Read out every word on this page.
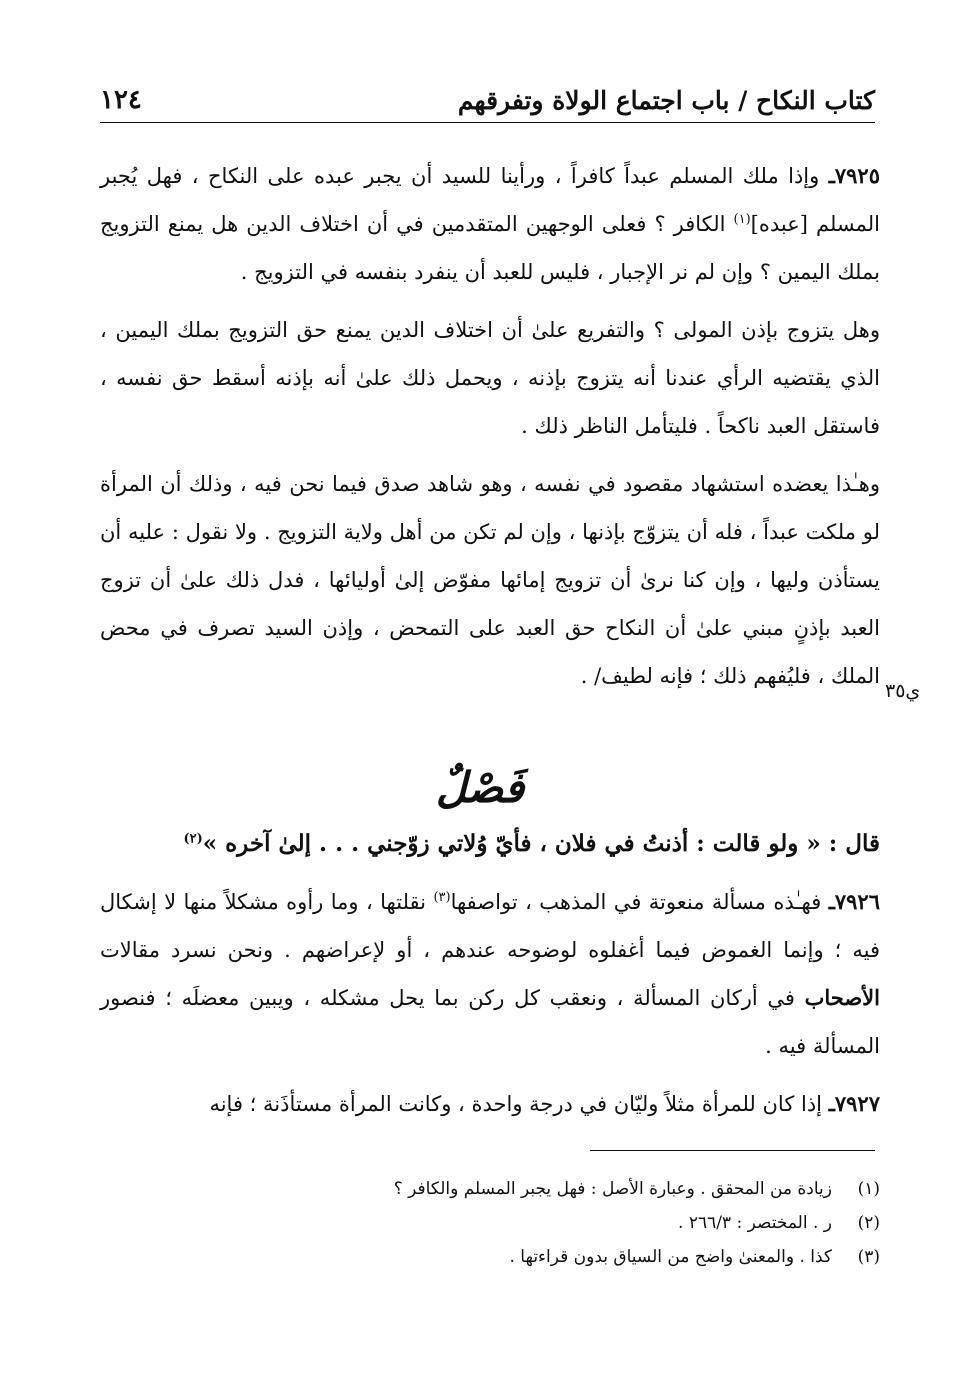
كتاب النكاح / باب اجتماع الولاة وتفرقهم
١٢٤

٧٩٢٥ـ وإذا ملك المسلم عبداً كافراً ، ورأينا للسيد أن يجبر عبده على النكاح ، فهل يُجبر المسلم [عبده]$^{(١)}$ الكافر ؟ فعلى الوجهين المتقدمين في أن اختلاف الدين هل يمنع التزويج بملك اليمين ؟ وإن لم نر الإجبار ، فليس للعبد أن ينفرد بنفسه في التزويج .

وهل يتزوج بإذن المولى ؟ والتفريع علىٰ أن اختلاف الدين يمنع حق التزويج بملك اليمين ، الذي يقتضيه الرأي عندنا أنه يتزوج بإذنه ، ويحمل ذلك علىٰ أنه بإذنه أسقط حق نفسه ، فاستقل العبد ناكحاً . فليتأمل الناظر ذلك .

وهـٰذا يعضده استشهاد مقصود في نفسه ، وهو شاهد صدق فيما نحن فيه ، وذلك أن المرأة لو ملكت عبداً ، فله أن يتزوّج بإذنها ، وإن لم تكن من أهل ولاية التزويج . ولا نقول : عليه أن يستأذن وليها ، وإن كنا نرىٰ أن تزويج إمائها مفوّض إلىٰ أوليائها ، فدل ذلك علىٰ أن تزوج العبد بإذنٍ مبني علىٰ أن النكاح حق العبد على التمحض ، وإذن السيد تصرف في محض الملك ، فليُفهم ذلك ؛ فإنه لطيف/ .

ي٣٥
فَصْلٌ
قال : « ولو قالت : أذنتُ في فلان ، فأيّ وُلاتي زوّجني . . . إلىٰ آخره »$^{(٢)}$

٧٩٢٦ـ فهـٰذه مسألة منعوتة في المذهب ، تواصفها$^{(٣)}$ نقلتها ، وما رأوه مشكلاً منها لا إشكال فيه ؛ وإنما الغموض فيما أغفلوه لوضوحه عندهم ، أو لإعراضهم . ونحن نسرد مقالات الأصحاب في أركان المسألة ، ونعقب كل ركن بما يحل مشكله ، ويبين معضلَه ؛ فنصور المسألة فيه .

٧٩٢٧ـ إذا كان للمرأة مثلاً وليّان في درجة واحدة ، وكانت المرأة مستأذَنة ؛ فإنه

(١)
زيادة من المحقق . وعبارة الأصل : فهل يجبر المسلم والكافر ؟
(٢)
ر . المختصر : ٢٦٦/٣ .
(٣)
كذا . والمعنىٰ واضح من السياق بدون قراءتها .
